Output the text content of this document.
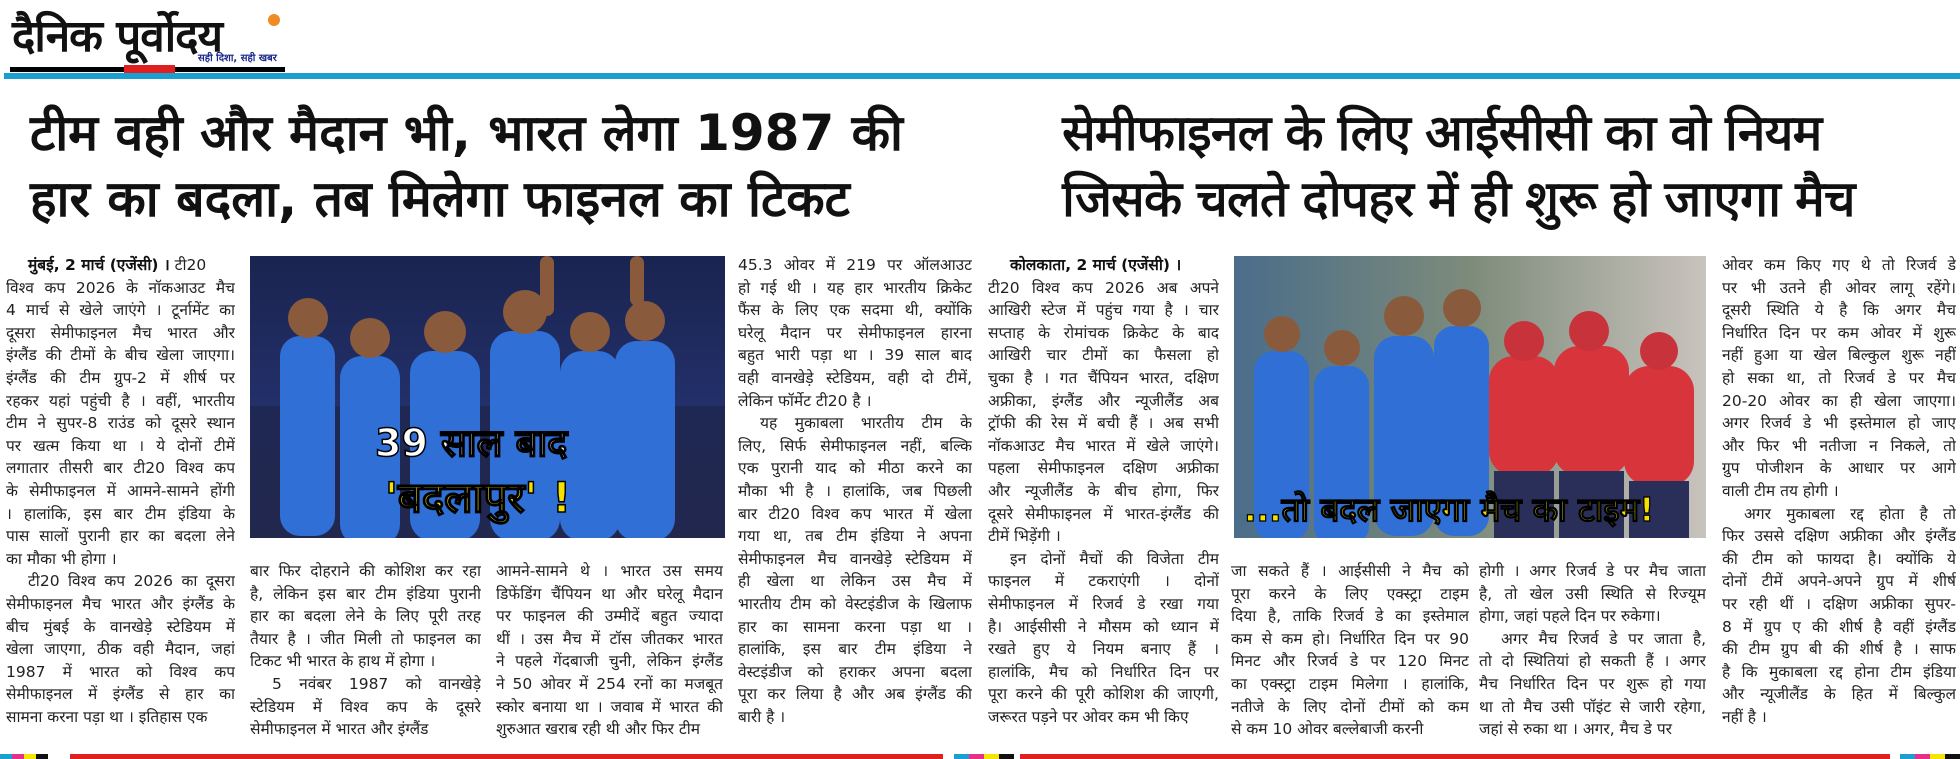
दैनिक पूर्वोदय
सही दिशा, सही खबर
टीम वही और मैदान भी, भारत लेगा 1987 की
हार का बदला, तब मिलेगा फाइनल का टिकट
सेमीफाइनल के लिए आईसीसी का वो नियम
जिसके चलते दोपहर में ही शुरू हो जाएगा मैच
39 साल बाद
'बदलापुर' !	...तो बदल जाएगा मैच का टाइम!
मुंबई, 2 मार्च (एजेंसी) । टी20
विश्व कप 2026 के नॉकआउट मैच
4 मार्च से खेले जाएंगे । टूर्नामेंट का
दूसरा सेमीफाइनल मैच भारत और
इंग्लैंड की टीमों के बीच खेला जाएगा।
इंग्लैंड की टीम ग्रुप-2 में शीर्ष पर
रहकर यहां पहुंची है । वहीं, भारतीय
टीम ने सुपर-8 राउंड को दूसरे स्थान
पर खत्म किया था । ये दोनों टीमें
लगातार तीसरी बार टी20 विश्व कप
के सेमीफाइनल में आमने-सामने होंगी
। हालांकि, इस बार टीम इंडिया के
पास सालों पुरानी हार का बदला लेने
का मौका भी होगा ।
टी20 विश्व कप 2026 का दूसरा
सेमीफाइनल मैच भारत और इंग्लैंड के
बीच मुंबई के वानखेड़े स्टेडियम में
खेला जाएगा, ठीक वही मैदान, जहां
1987 में भारत को विश्व कप
सेमीफाइनल में इंग्लैंड से हार का
सामना करना पड़ा था । इतिहास एक
बार फिर दोहराने की कोशिश कर रहा
है, लेकिन इस बार टीम इंडिया पुरानी
हार का बदला लेने के लिए पूरी तरह
तैयार है । जीत मिली तो फाइनल का
टिकट भी भारत के हाथ में होगा ।
5 नवंबर 1987 को वानखेड़े
स्टेडियम में विश्व कप के दूसरे
सेमीफाइनल में भारत और इंग्लैंड
आमने-सामने थे । भारत उस समय
डिफेंडिंग चैंपियन था और घरेलू मैदान
पर फाइनल की उम्मीदें बहुत ज्यादा
थीं । उस मैच में टॉस जीतकर भारत
ने पहले गेंदबाजी चुनी, लेकिन इंग्लैंड
ने 50 ओवर में 254 रनों का मजबूत
स्कोर बनाया था । जवाब में भारत की
शुरुआत खराब रही थी और फिर टीम
45.3 ओवर में 219 पर ऑलआउट
हो गई थी । यह हार भारतीय क्रिकेट
फैंस के लिए एक सदमा थी, क्योंकि
घरेलू मैदान पर सेमीफाइनल हारना
बहुत भारी पड़ा था । 39 साल बाद
वही वानखेड़े स्टेडियम, वही दो टीमें,
लेकिन फॉर्मेट टी20 है ।
यह मुकाबला भारतीय टीम के
लिए, सिर्फ सेमीफाइनल नहीं, बल्कि
एक पुरानी याद को मीठा करने का
मौका भी है । हालांकि, जब पिछली
बार टी20 विश्व कप भारत में खेला
गया था, तब टीम इंडिया ने अपना
सेमीफाइनल मैच वानखेड़े स्टेडियम में
ही खेला था लेकिन उस मैच में
भारतीय टीम को वेस्टइंडीज के खिलाफ
हार का सामना करना पड़ा था ।
हालांकि, इस बार टीम इंडिया ने
वेस्टइंडीज को हराकर अपना बदला
पूरा कर लिया है और अब इंग्लैंड की
बारी है ।
कोलकाता, 2 मार्च (एजेंसी) ।
टी20 विश्व कप 2026 अब अपने
आखिरी स्टेज में पहुंच गया है । चार
सप्ताह के रोमांचक क्रिकेट के बाद
आखिरी चार टीमों का फैसला हो
चुका है । गत चैंपियन भारत, दक्षिण
अफ्रीका, इंग्लैंड और न्यूजीलैंड अब
ट्रॉफी की रेस में बची हैं । अब सभी
नॉकआउट मैच भारत में खेले जाएंगे।
पहला सेमीफाइनल दक्षिण अफ्रीका
और न्यूजीलैंड के बीच होगा, फिर
दूसरे सेमीफाइनल में भारत-इंग्लैंड की
टीमें भिड़ेंगी ।
इन दोनों मैचों की विजेता टीम
फाइनल में टकराएंगी । दोनों
सेमीफाइनल में रिजर्व डे रखा गया
है। आईसीसी ने मौसम को ध्यान में
रखते हुए ये नियम बनाए हैं ।
हालांकि, मैच को निर्धारित दिन पर
पूरा करने की पूरी कोशिश की जाएगी,
जरूरत पड़ने पर ओवर कम भी किए
जा सकते हैं । आईसीसी ने मैच को
पूरा करने के लिए एक्स्ट्रा टाइम
दिया है, ताकि रिजर्व डे का इस्तेमाल
कम से कम हो। निर्धारित दिन पर 90
मिनट और रिजर्व डे पर 120 मिनट
का एक्स्ट्रा टाइम मिलेगा । हालांकि,
नतीजे के लिए दोनों टीमों को कम
से कम 10 ओवर बल्लेबाजी करनी
होगी । अगर रिजर्व डे पर मैच जाता
है, तो खेल उसी स्थिति से रिज्यूम
होगा, जहां पहले दिन पर रुकेगा।
अगर मैच रिजर्व डे पर जाता है,
तो दो स्थितियां हो सकती हैं । अगर
मैच निर्धारित दिन पर शुरू हो गया
था तो मैच उसी पॉइंट से जारी रहेगा,
जहां से रुका था । अगर, मैच डे पर
ओवर कम किए गए थे तो रिजर्व डे
पर भी उतने ही ओवर लागू रहेंगे।
दूसरी स्थिति ये है कि अगर मैच
निर्धारित दिन पर कम ओवर में शुरू
नहीं हुआ या खेल बिल्कुल शुरू नहीं
हो सका था, तो रिजर्व डे पर मैच
20-20 ओवर का ही खेला जाएगा।
अगर रिजर्व डे भी इस्तेमाल हो जाए
और फिर भी नतीजा न निकले, तो
ग्रुप पोजीशन के आधार पर आगे
वाली टीम तय होगी ।
अगर मुकाबला रद्द होता है तो
फिर उससे दक्षिण अफ्रीका और इंग्लैंड
की टीम को फायदा है। क्योंकि ये
दोनों टीमें अपने-अपने ग्रुप में शीर्ष
पर रही थीं । दक्षिण अफ्रीका सुपर-
8 में ग्रुप ए की शीर्ष है वहीं इंग्लैंड
की टीम ग्रुप बी की शीर्ष है । साफ
है कि मुकाबला रद्द होना टीम इंडिया
और न्यूजीलैंड के हित में बिल्कुल
नहीं है ।
